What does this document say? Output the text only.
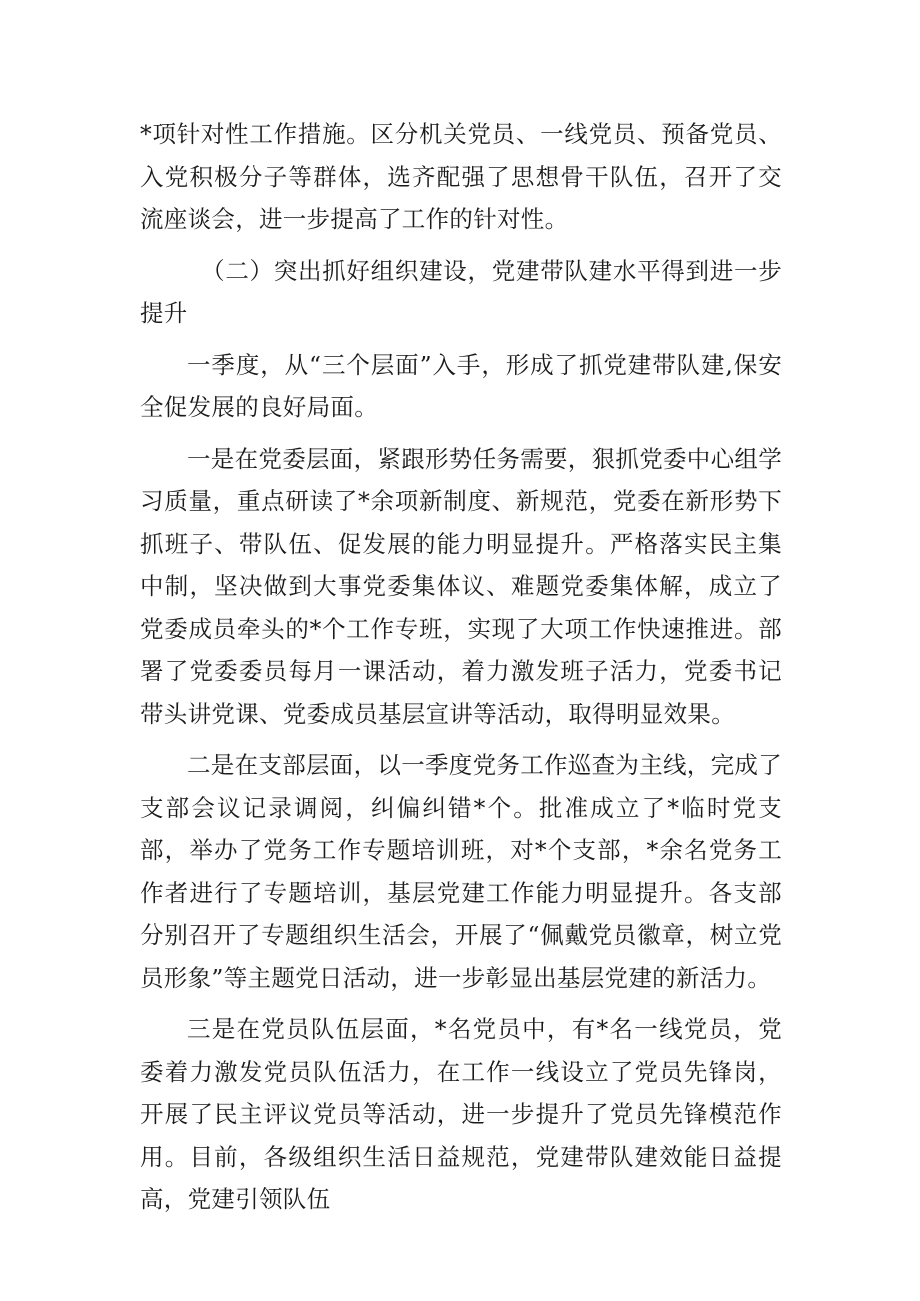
*项针对性工作措施。区分机关党员、一线党员、预备党员、入党积极分子等群体，选齐配强了思想骨干队伍，召开了交流座谈会，进一步提高了工作的针对性。

（二）突出抓好组织建设，党建带队建水平得到进一步提升

一季度，从“三个层面”入手，形成了抓党建带队建,保安全促发展的良好局面。

一是在党委层面，紧跟形势任务需要，狠抓党委中心组学习质量，重点研读了*余项新制度、新规范，党委在新形势下抓班子、带队伍、促发展的能力明显提升。严格落实民主集中制，坚决做到大事党委集体议、难题党委集体解，成立了党委成员牵头的*个工作专班，实现了大项工作快速推进。部署了党委委员每月一课活动，着力激发班子活力，党委书记带头讲党课、党委成员基层宣讲等活动，取得明显效果。

二是在支部层面，以一季度党务工作巡查为主线，完成了支部会议记录调阅，纠偏纠错*个。批准成立了*临时党支部，举办了党务工作专题培训班，对*个支部，*余名党务工作者进行了专题培训，基层党建工作能力明显提升。各支部分别召开了专题组织生活会，开展了“佩戴党员徽章，树立党员形象”等主题党日活动，进一步彰显出基层党建的新活力。

三是在党员队伍层面，*名党员中，有*名一线党员，党委着力激发党员队伍活力，在工作一线设立了党员先锋岗，开展了民主评议党员等活动，进一步提升了党员先锋模范作用。目前，各级组织生活日益规范，党建带队建效能日益提高，党建引领队伍
